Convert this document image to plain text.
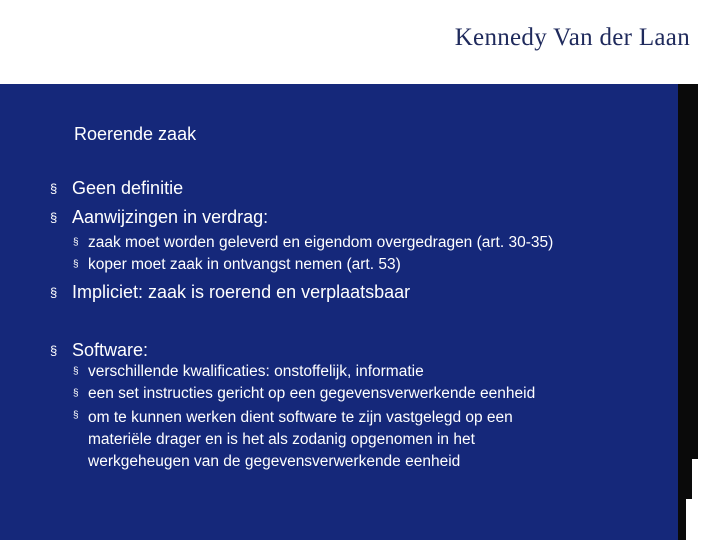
Kennedy Van der Laan
Roerende zaak
§ Geen definitie
§ Aanwijzingen in verdrag:
§ zaak moet worden geleverd en eigendom overgedragen (art. 30-35)
§ koper moet zaak in ontvangst nemen (art. 53)
§ Impliciet: zaak is roerend en verplaatsbaar
§ Software:
§ verschillende kwalificaties: onstoffelijk, informatie
§ een set instructies gericht op een gegevensverwerkende eenheid
§ om te kunnen werken dient software te zijn vastgelegd op een
materiële drager en is het als zodanig opgenomen in het
werkgeheugen van de gegevensverwerkende eenheid
